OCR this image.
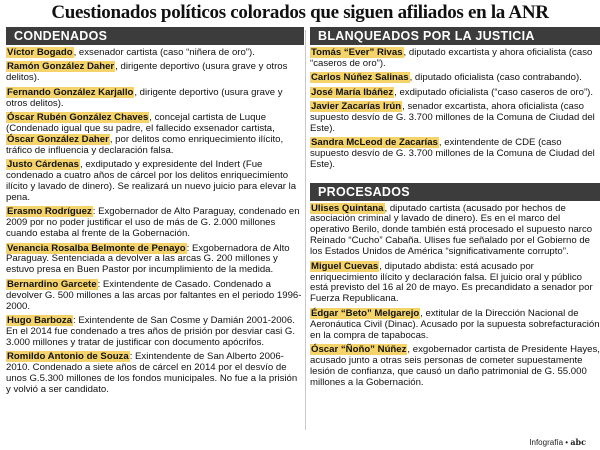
Cuestionados políticos colorados que siguen afiliados en la ANR
CONDENADOS
Víctor Bogado, exsenador cartista (caso “niñera de oro”).
Ramón González Daher, dirigente deportivo (usura grave y otros delitos).
Fernando González Karjallo, dirigente deportivo (usura grave y otros delitos).
Óscar Rubén González Chaves, concejal cartista de Luque (Condenado igual que su padre, el fallecido exsenador cartista, Óscar González Daher, por delitos como enriquecimiento ilícito, tráfico de influencia y declaración falsa.
Justo Cárdenas, exdiputado y expresidente del Indert (Fue condenado a cuatro años de cárcel por los delitos enriquecimiento ilícito y lavado de dinero). Se realizará un nuevo juicio para elevar la pena.
Erasmo Rodríguez: Exgobernador de Alto Paraguay, condenado en 2009 por no poder justificar el uso de más de G. 2.000 millones cuando estaba al frente de la Gobernación.
Venancia Rosalba Belmonte de Penayo: Exgobernadora de Alto Paraguay. Sentenciada a devolver a las arcas G. 200 millones y estuvo presa en Buen Pastor por incumplimiento de la medida.
Bernardino Garcete: Exintendente de Casado. Condenado a devolver G. 500 millones a las arcas por faltantes en el periodo 1996-2000.
Hugo Barboza: Exintendente de San Cosme y Damián 2001-2006. En el 2014 fue condenado a tres años de prisión por desviar casi G. 3.000 millones y tratar de justificar con documento apócrifos.
Romildo Antonio de Souza: Exintendente de San Alberto 2006-2010. Condenado a siete años de cárcel en 2014 por el desvío de unos G.5.300 millones de los fondos municipales. No fue a la prisión y volvió a ser candidato.
BLANQUEADOS POR LA JUSTICIA
Tomás “Ever” Rivas, diputado excartista y ahora oficialista (caso “caseros de oro”).
Carlos Núñez Salinas, diputado oficialista (caso contrabando).
José María Ibáñez, exdiputado oficialista (“caso caseros de oro”).
Javier Zacarías Irún, senador excartista, ahora oficialista (caso supuesto desvío de G. 3.700 millones de la Comuna de Ciudad del Este).
Sandra McLeod de Zacarías, exintendente de CDE (caso supuesto desvío de G. 3.700 millones de la Comuna de Ciudad del Este).
PROCESADOS
Ulises Quintana, diputado cartista (acusado por hechos de asociación criminal y lavado de dinero). Es en el marco del operativo Berilo, donde también está procesado el supuesto narco Reinado “Cucho” Cabaña. Ulises fue señalado por el Gobierno de los Estados Unidos de América “significativamente corrupto”.
Miguel Cuevas, diputado abdista: está acusado por enriquecimiento ilícito y declaración falsa. El juicio oral y público está previsto del 16 al 20 de mayo. Es precandidato a senador por Fuerza Republicana.
Édgar “Beto” Melgarejo, extitular de la Dirección Nacional de Aeronáutica Civil (Dinac). Acusado por la supuesta sobrefacturación en la compra de tapabocas.
Óscar “Ñoño” Núñez, exgobernador cartista de Presidente Hayes, acusado junto a otras seis personas de cometer supuestamente lesión de confianza, que causó un daño patrimonial de G. 55.000 millones a la Gobernación.
Infografía • abc
